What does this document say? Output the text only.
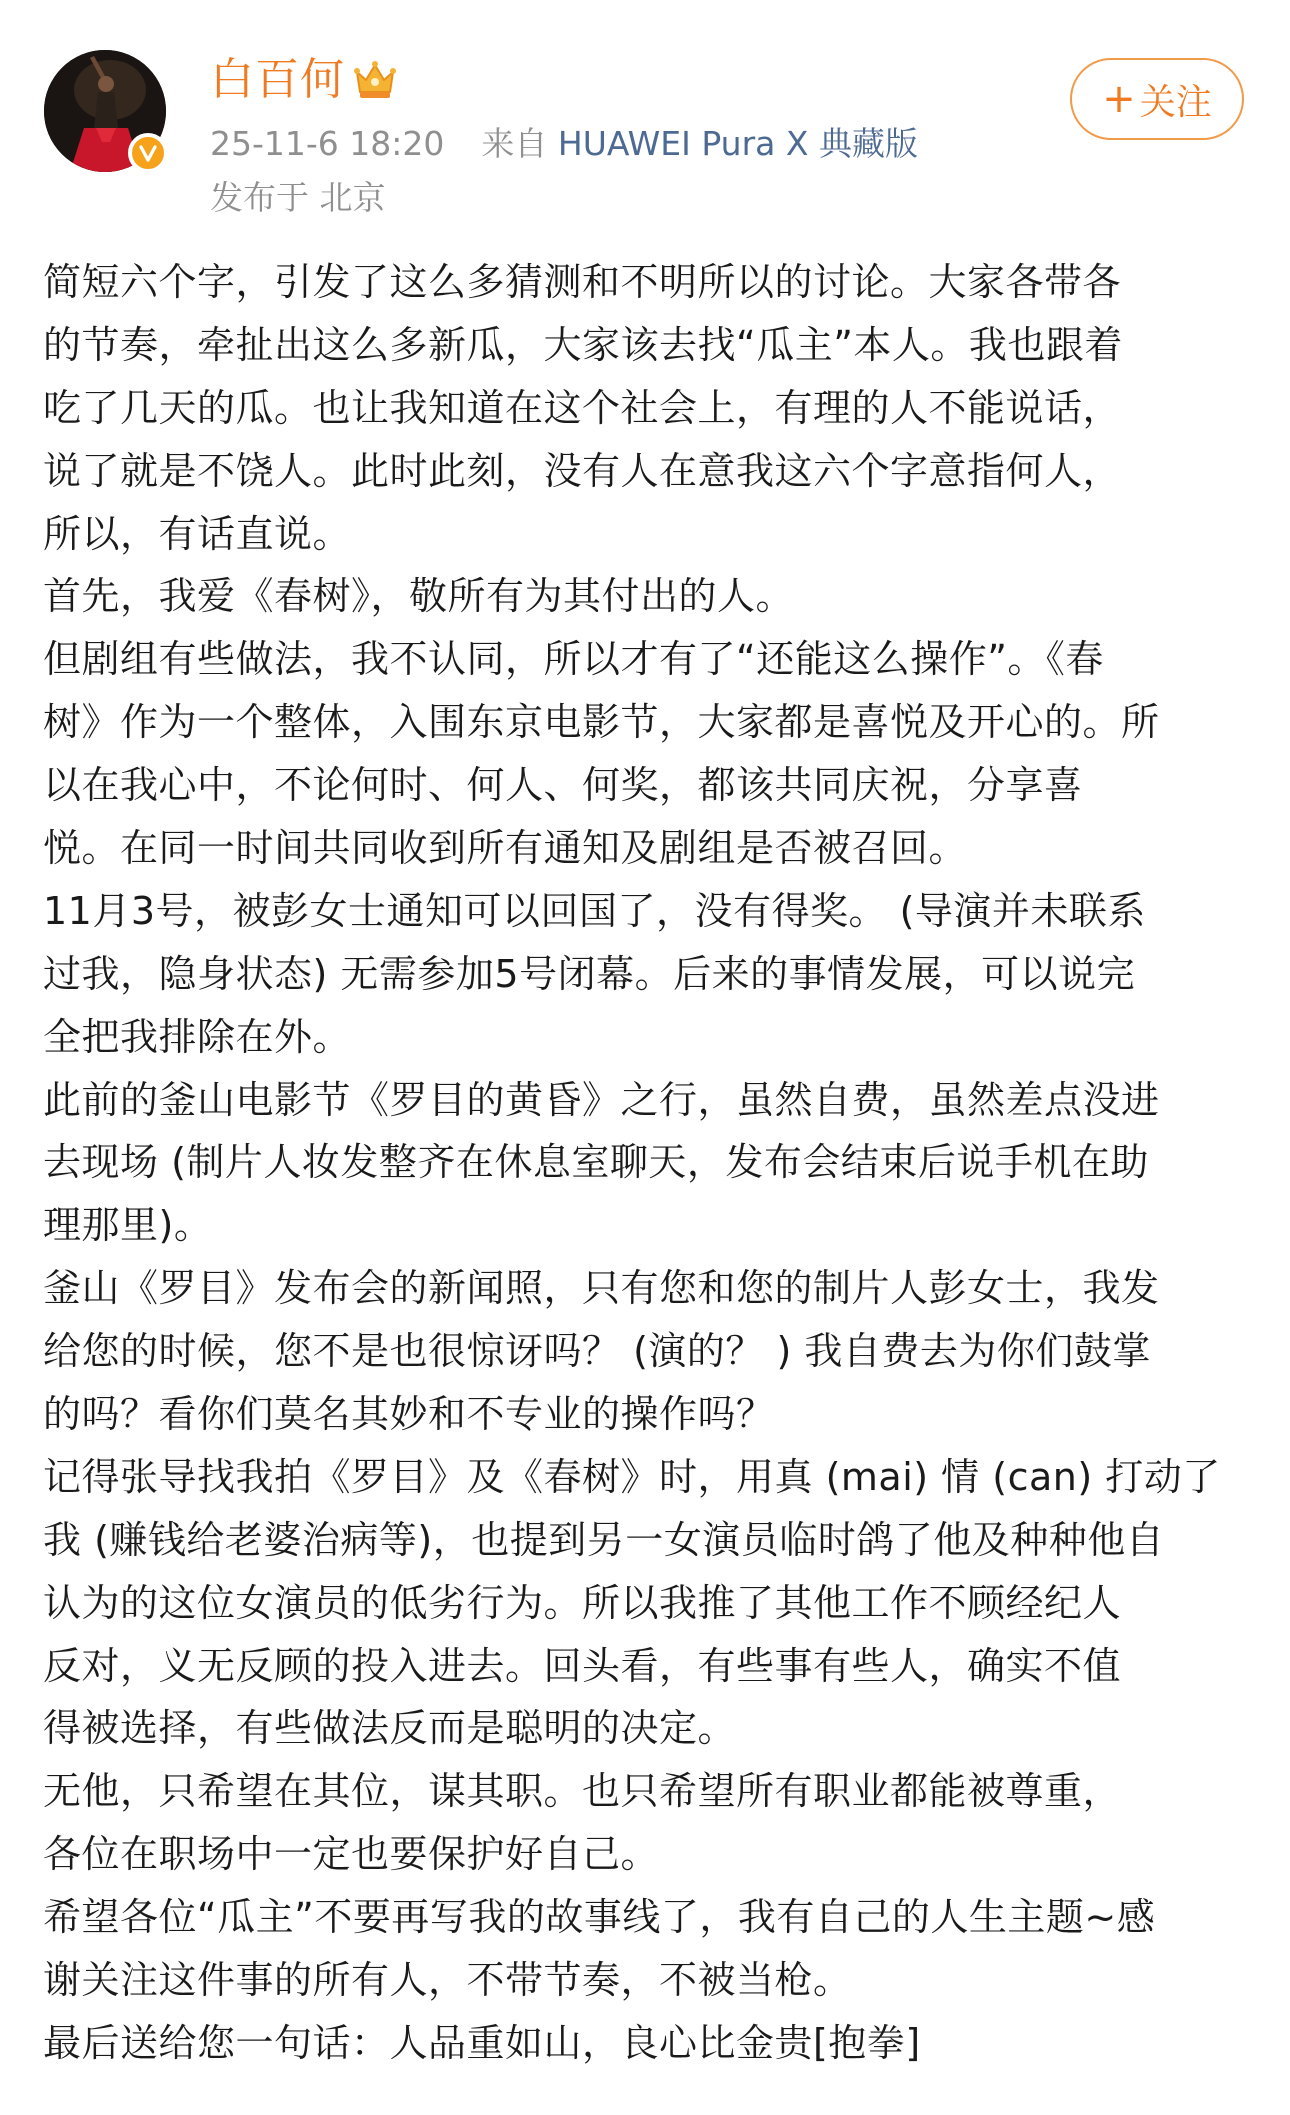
白百何
25-11-6 18:20 来自 HUAWEI Pura X 典藏版
发布于 北京
+ 关注
简短六个字，引发了这么多猜测和不明所以的讨论。大家各带各
的节奏，牵扯出这么多新瓜，大家该去找“瓜主”本人。我也跟着
吃了几天的瓜。也让我知道在这个社会上，有理的人不能说话，
说了就是不饶人。此时此刻，没有人在意我这六个字意指何人，
所以，有话直说。
首先，我爱《春树》，敬所有为其付出的人。
但剧组有些做法，我不认同，所以才有了“还能这么操作”。《春
树》作为一个整体，入围东京电影节，大家都是喜悦及开心的。所
以在我心中，不论何时、何人、何奖，都该共同庆祝，分享喜
悦。在同一时间共同收到所有通知及剧组是否被召回。
11月3号，被彭女士通知可以回国了，没有得奖。 (导演并未联系
过我，隐身状态) 无需参加5号闭幕。后来的事情发展，可以说完
全把我排除在外。
此前的釜山电影节《罗目的黄昏》之行，虽然自费，虽然差点没进
去现场 (制片人妆发整齐在休息室聊天，发布会结束后说手机在助
理那里)。
釜山《罗目》发布会的新闻照，只有您和您的制片人彭女士，我发
给您的时候，您不是也很惊讶吗？ (演的？ ) 我自费去为你们鼓掌
的吗？看你们莫名其妙和不专业的操作吗？
记得张导找我拍《罗目》及《春树》时，用真 (mai) 情 (can) 打动了
我 (赚钱给老婆治病等)，也提到另一女演员临时鸽了他及种种他自
认为的这位女演员的低劣行为。所以我推了其他工作不顾经纪人
反对，义无反顾的投入进去。回头看，有些事有些人，确实不值
得被选择，有些做法反而是聪明的决定。
无他，只希望在其位，谋其职。也只希望所有职业都能被尊重，
各位在职场中一定也要保护好自己。
希望各位“瓜主”不要再写我的故事线了，我有自己的人生主题~感
谢关注这件事的所有人，不带节奏，不被当枪。
最后送给您一句话：人品重如山，良心比金贵[抱拳]
